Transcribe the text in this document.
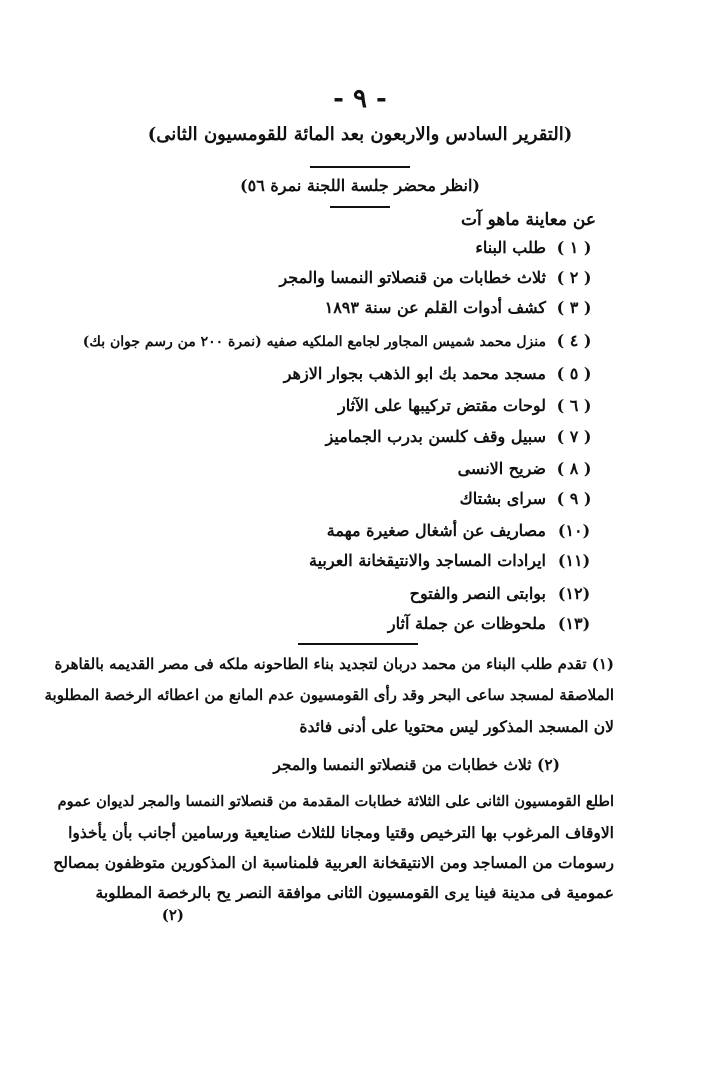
- ٩ -
(التقرير السادس والاربعون بعد المائة للقومسيون الثانى)
(انظر محضر جلسة اللجنة نمرة ٥٦)
عن معاينة ماهو آت
( ١ )طلب البناء
( ٢ )ثلاث خطابات من قنصلاتو النمسا والمجر
( ٣ )كشف أدوات القلم عن سنة ١٨٩٣
( ٤ )منزل محمد شميس المجاور لجامع الملكيه صفيه (نمرة ٢٠٠ من رسم جوان بك)
( ٥ )مسجد محمد بك ابو الذهب بجوار الازهر
( ٦ )لوحات مقتض تركيبها على الآثار
( ٧ )سبيل وقف كلسن بدرب الجماميز
( ٨ )ضريح الانسى
( ٩ )سراى بشتاك
(١٠)مصاريف عن أشغال صغيرة مهمة
(١١)ايرادات المساجد والانتيقخانة العربية
(١٢)بوابتى النصر والفتوح
(١٣)ملحوظات عن جملة آثار
(١) تقدم طلب البناء من محمد دربان لتجديد بناء الطاحونه ملكه فى مصر القديمه بالقاهرة
الملاصقة لمسجد ساعى البحر وقد رأى القومسيون عدم المانع من اعطائه الرخصة المطلوبة
لان المسجد المذكور ليس محتويا على أدنى فائدة
(٢) ثلاث خطابات من قنصلاتو النمسا والمجر
اطلع القومسيون الثانى على الثلاثة خطابات المقدمة من قنصلاتو النمسا والمجر لديوان عموم
الاوقاف المرغوب بها الترخيص وقتيا ومجانا للثلاث صنايعية ورسامين أجانب بأن يأخذوا
رسومات من المساجد ومن الانتيقخانة العربية فلمناسبة ان المذكورين متوظفون بمصالح
عمومية فى مدينة فينا يرى القومسيون الثانى موافقة النصر يح بالرخصة المطلوبة
(٢)
